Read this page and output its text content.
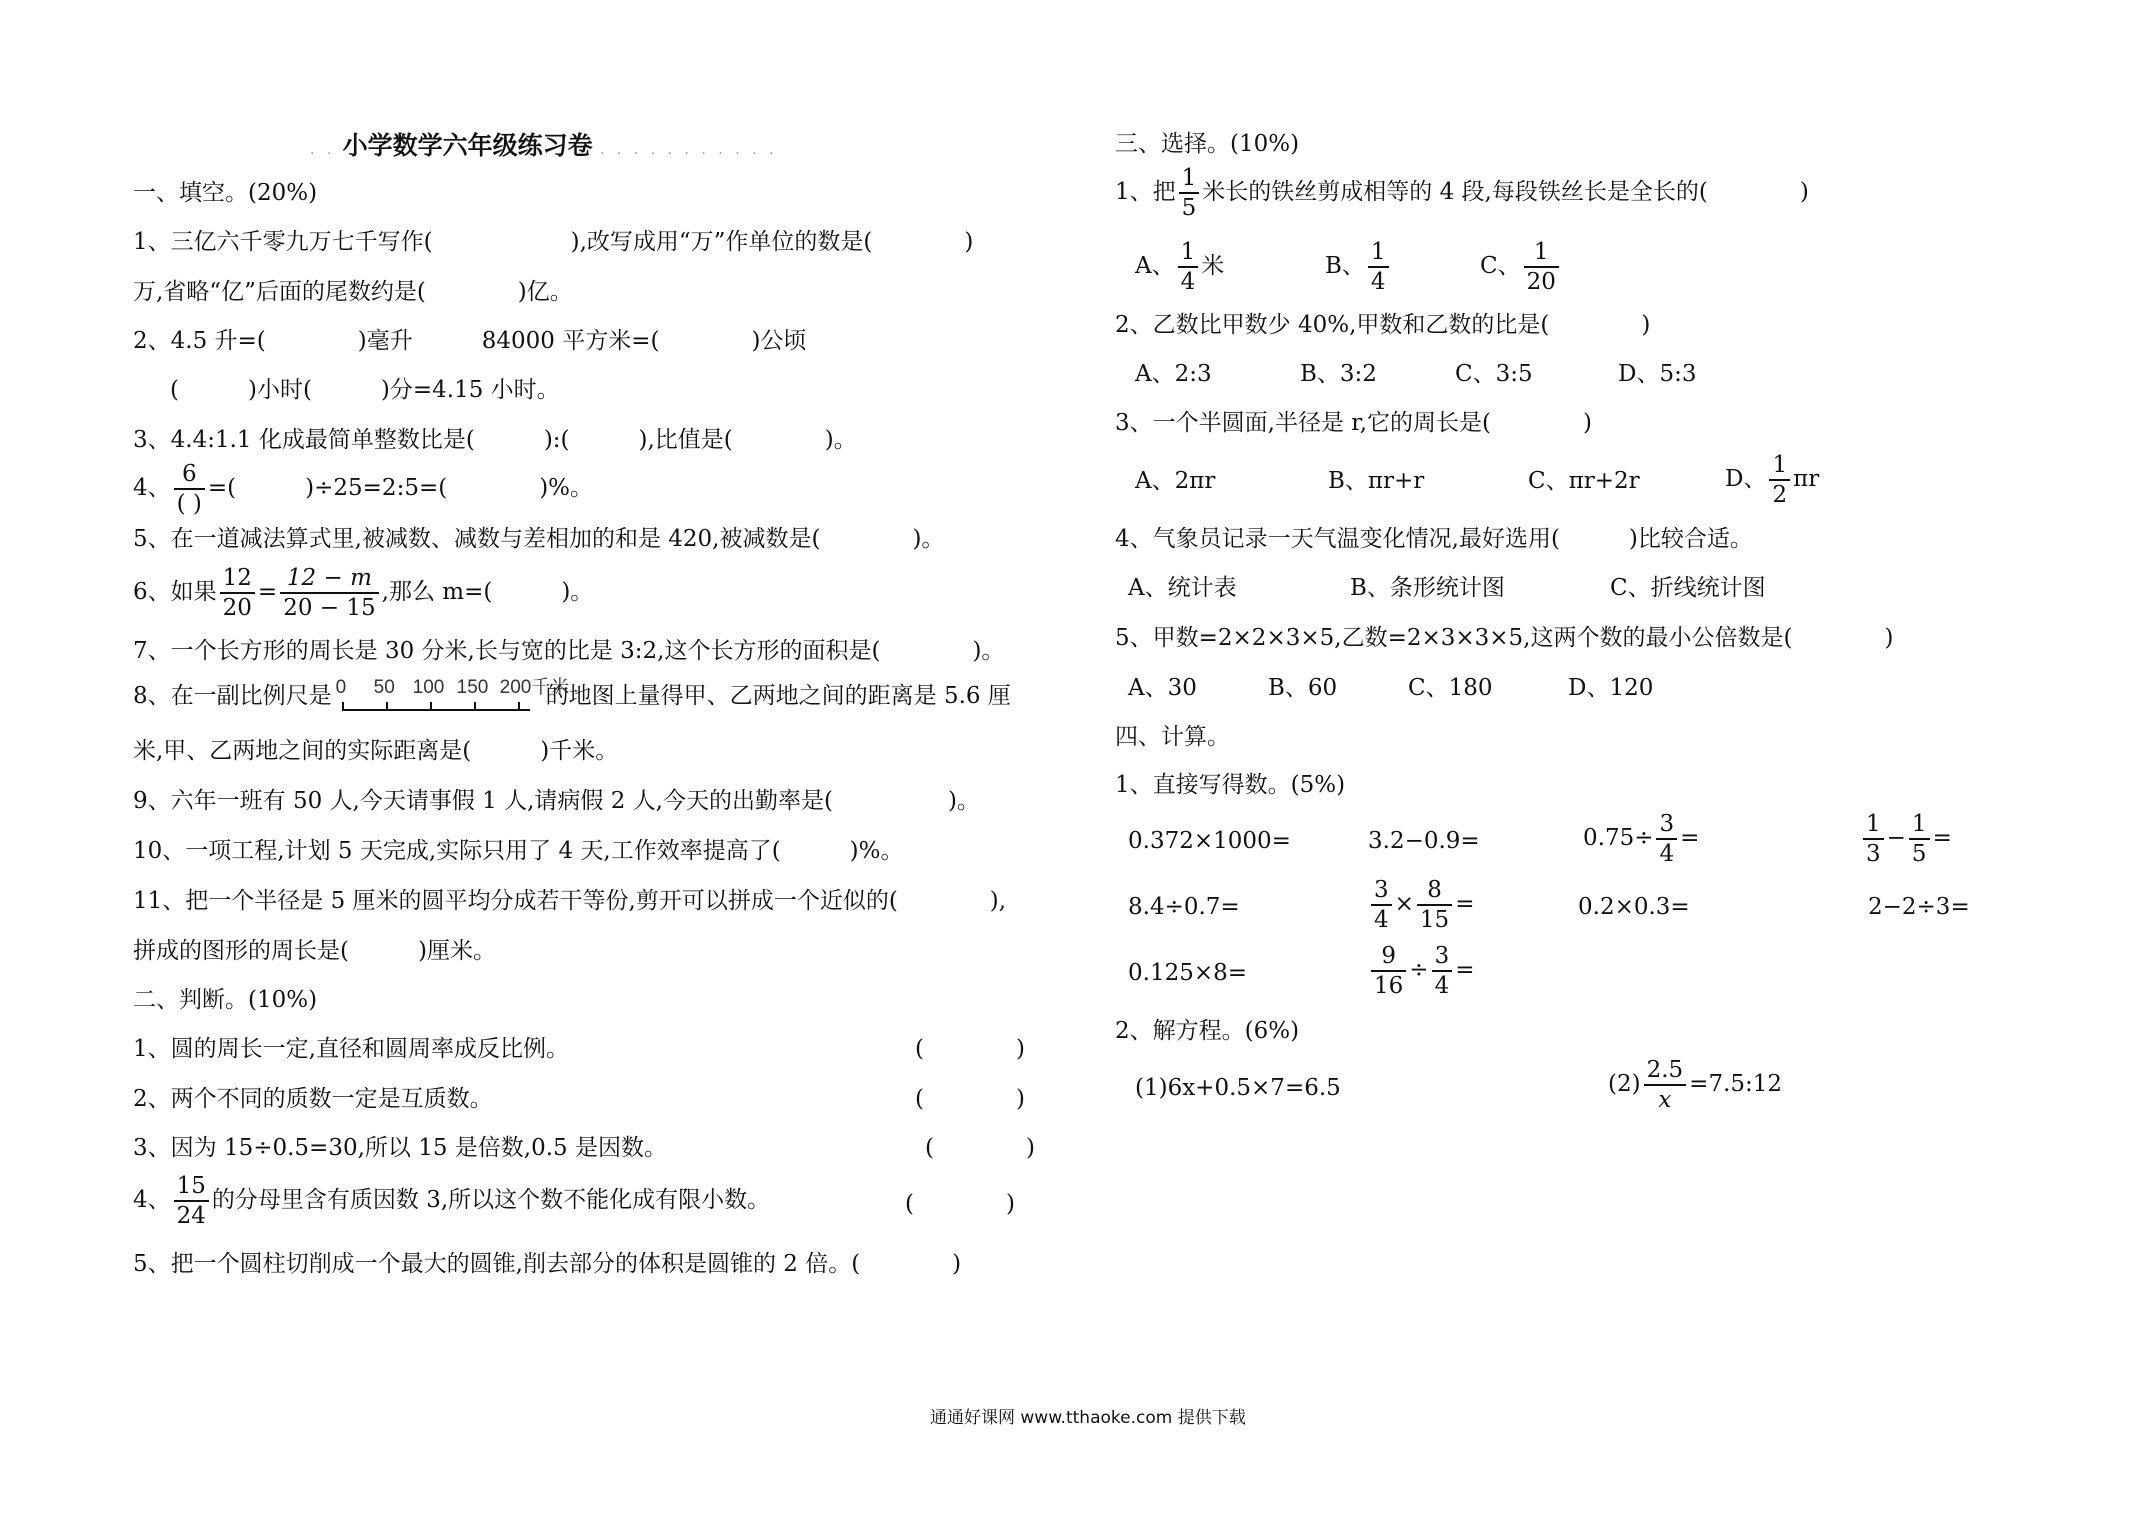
. . 小学数学六年级练习卷 . . . . . . . . . . .
一、填空。(20%)
1、三亿六千零九万七千写作(　　　　　　),改写成用“万”作单位的数是(　　　　)
万,省略“亿”后面的尾数约是(　　　　)亿。
2、4.5 升=(　　　　)毫升　　　84000 平方米=(　　　　)公顷
(　　　)小时(　　　)分=4.15 小时。
3、4.4:1.1 化成最简单整数比是(　　　):(　　　),比值是(　　　　)。
4、 $\frac{6}{( )}$ =(　　　)÷25=2:5=(　　　　)%。
5、在一道减法算式里,被减数、减数与差相加的和是 420,被减数是(　　　　)。
6、如果 $\frac{12}{20} = \frac{12 - m}{20 - 15}$ ,那么 m=(　　　)。
7、一个长方形的周长是 30 分米,长与宽的比是 3:2,这个长方形的面积是(　　　　)。
8、在一副比例尺是 0 50 100 150 200千米
的地图上量得甲、乙两地之间的距离是 5.6 厘
米,甲、乙两地之间的实际距离是(　　　)千米。
9、六年一班有 50 人,今天请事假 1 人,请病假 2 人,今天的出勤率是(　　　　　)。
10、一项工程,计划 5 天完成,实际只用了 4 天,工作效率提高了(　　　)%。
11、把一个半径是 5 厘米的圆平均分成若干等份,剪开可以拼成一个近似的(　　　　),
拼成的图形的周长是(　　　)厘米。
二、判断。(10%)
1、圆的周长一定,直径和圆周率成反比例。	(　　　　)
2、两个不同的质数一定是互质数。	(　　　　)
3、因为 15÷0.5=30,所以 15 是倍数,0.5 是因数。	(　　　　)
4、 $\frac{15}{24}$ 的分母里含有质因数 3,所以这个数不能化成有限小数。	(　　　　)
5、把一个圆柱切削成一个最大的圆锥,削去部分的体积是圆锥的 2 倍。(　　　　)
三、选择。(10%)
1、把 $\frac{1}{5}$ 米长的铁丝剪成相等的 4 段,每段铁丝长是全长的(　　　　)
A、 $\frac{1}{4}$ 米	B、 $\frac{1}{4}$	C、 $\frac{1}{20}$
2、乙数比甲数少 40%,甲数和乙数的比是(　　　　)
A、2:3	B、3:2	C、3:5	D、5:3
3、一个半圆面,半径是 r,它的周长是(　　　　)
A、2πr	B、πr+r	C、πr+2r	D、 $\frac{1}{2}$ πr
4、气象员记录一天气温变化情况,最好选用(　　　)比较合适。
A、统计表	B、条形统计图	C、折线统计图
5、甲数=2×2×3×5,乙数=2×3×3×5,这两个数的最小公倍数是(　　　　)
A、30	B、60	C、180	D、120
四、计算。
1、直接写得数。(5%)
0.372×1000=	3.2−0.9=	$0.75\div \frac{3}{4}$ =	$\frac{1}{3} - \frac{1}{5}$ =
8.4÷0.7=	$\frac{3}{4} \times \frac{8}{15}$ =	0.2×0.3=	2−2÷3=
0.125×8=	$\frac{9}{16} \div \frac{3}{4}$ =
2、解方程。(6%)
(1)6x+0.5×7=6.5	$(2) \frac{2.5}{x}$ =7.5:12
通通好课网 www.tthaoke.com 提供下载
